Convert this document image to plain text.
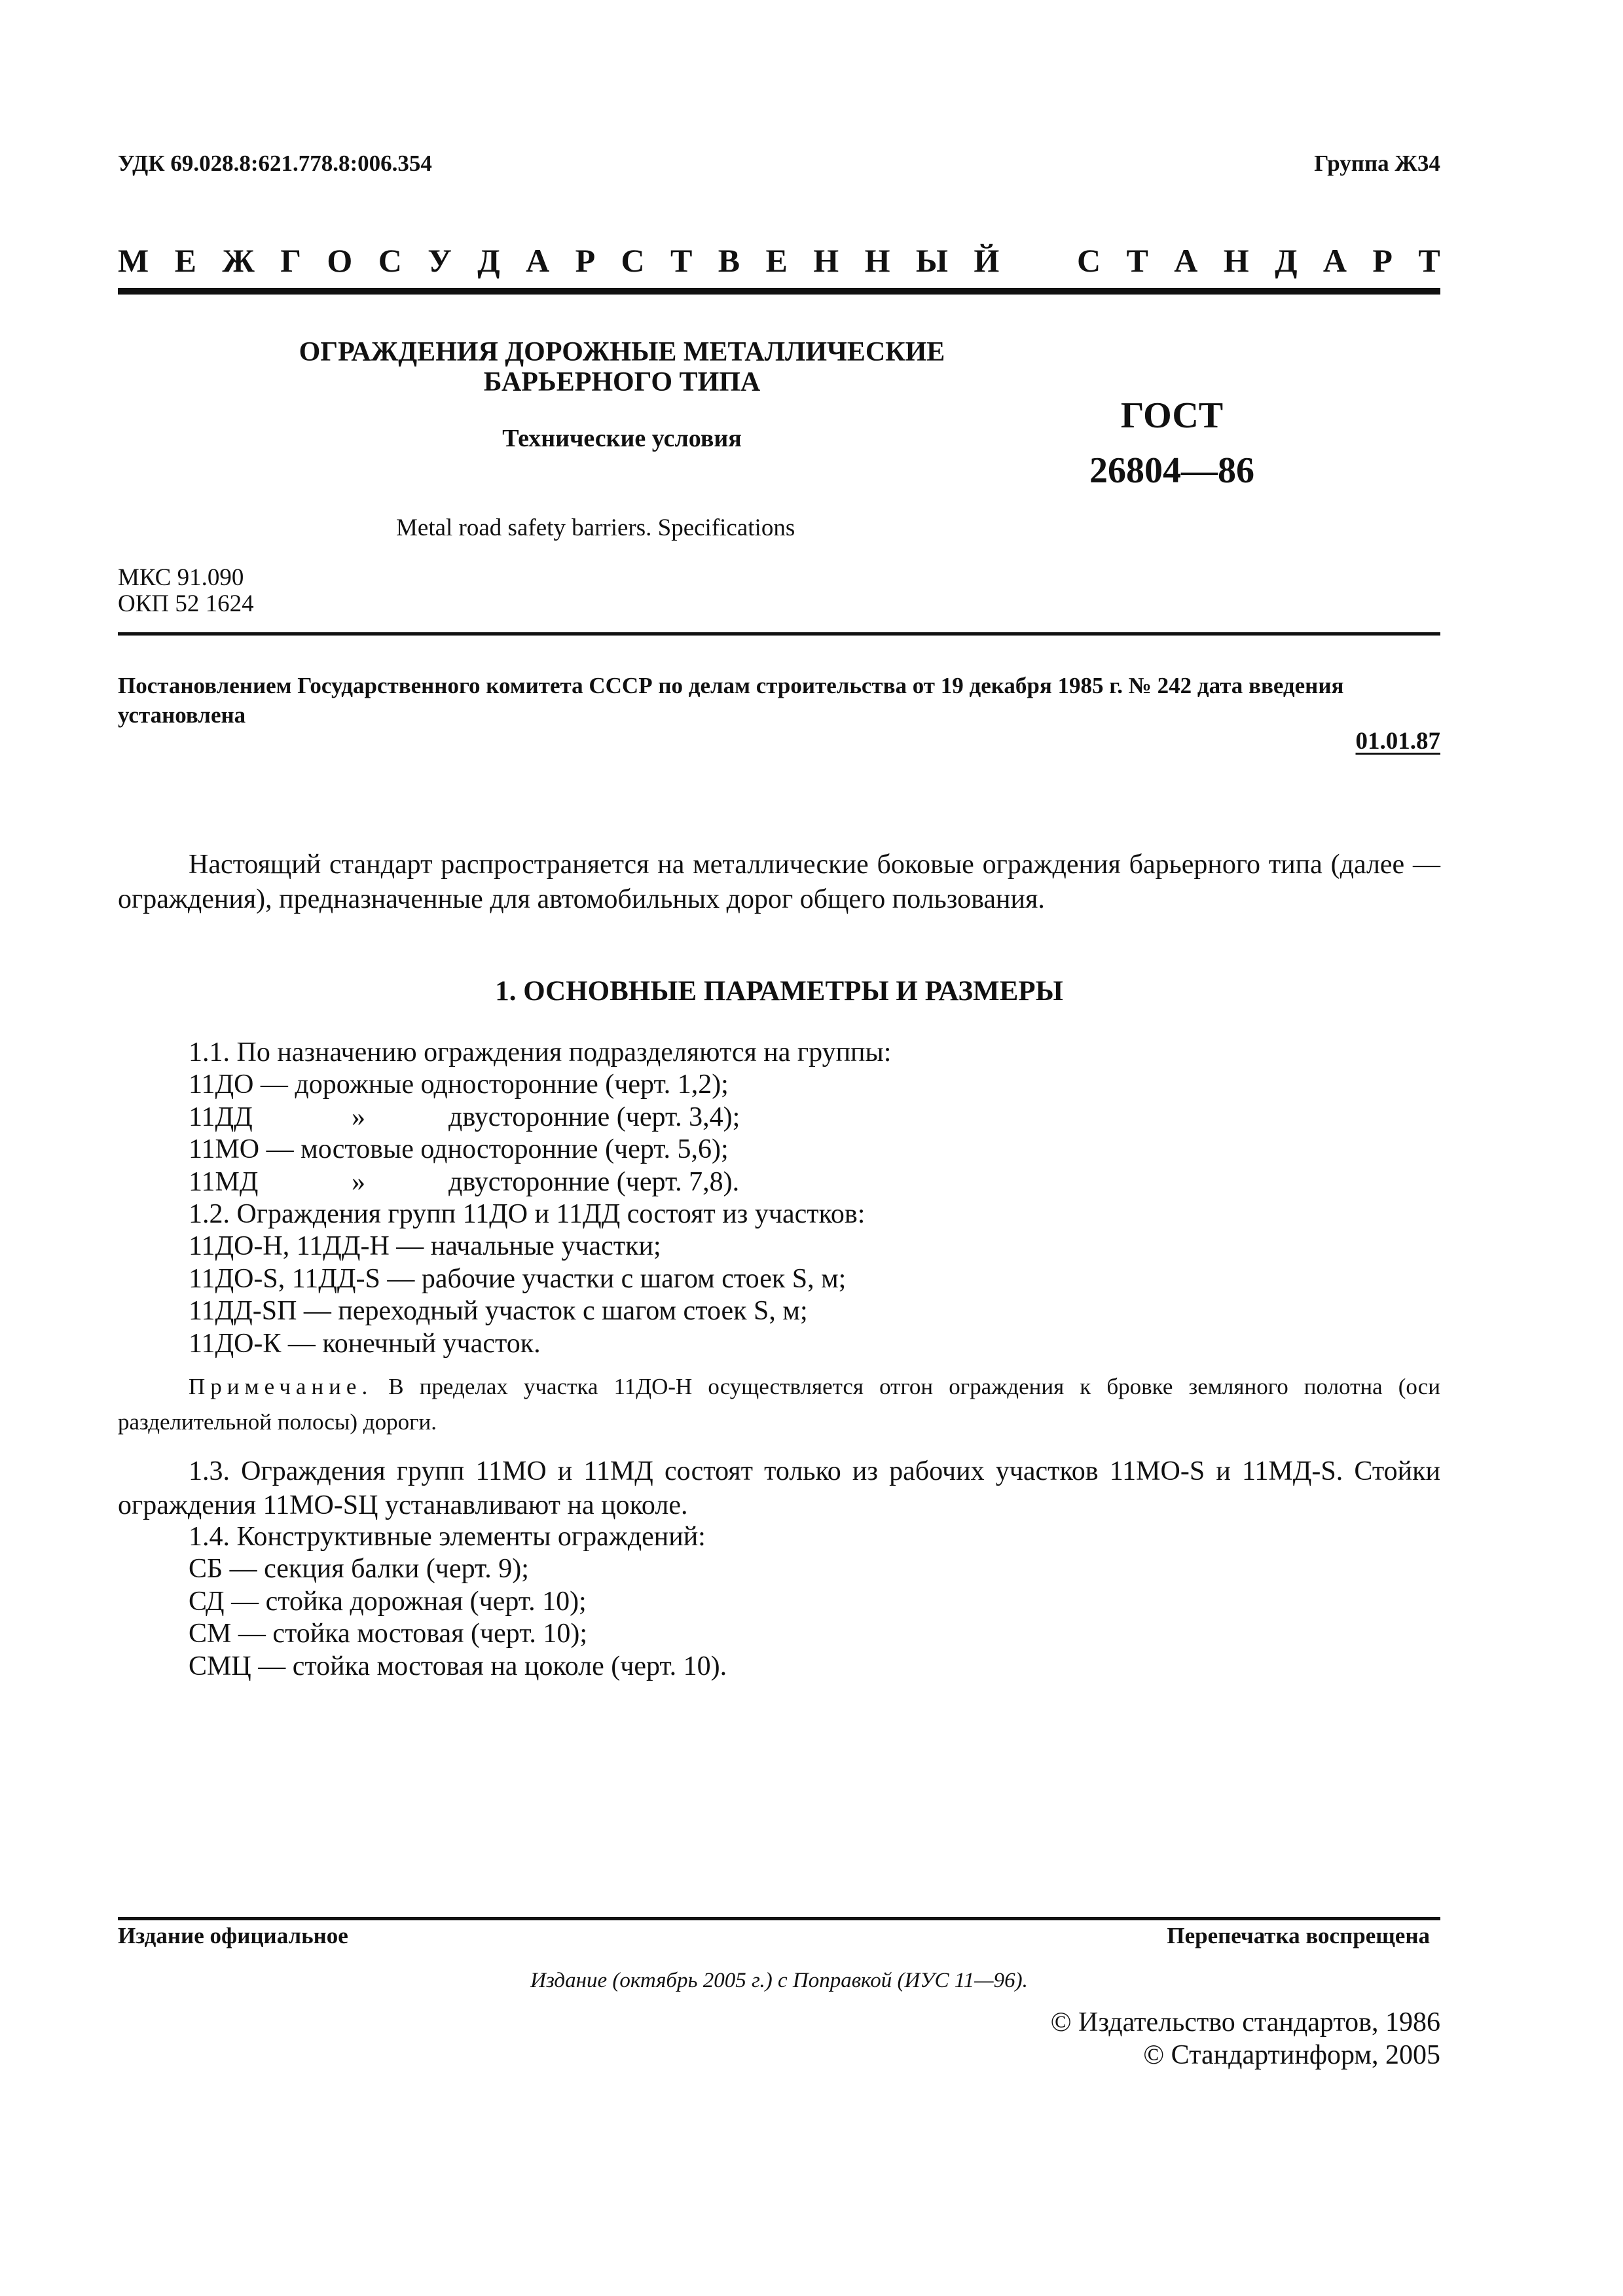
УДК 69.028.8:621.778.8:006.354	Группа Ж34
М Е Ж Г О С У Д А Р С Т В Е Н Н Ы Й С Т А Н Д А Р Т
ОГРАЖДЕНИЯ ДОРОЖНЫЕ МЕТАЛЛИЧЕСКИЕ
БАРЬЕРНОГО ТИПА
Технические условия
Metal road safety barriers. Specifications
ГОСТ
26804—86
МКС 91.090
ОКП 52 1624
Постановлением Государственного комитета СССР по делам строительства от 19 декабря 1985 г. № 242 дата введения установлена
01.01.87
Настоящий стандарт распространяется на металлические боковые ограждения барьерного типа (далее — ограждения), предназначенные для автомобильных дорог общего пользования.
1. ОСНОВНЫЕ ПАРАМЕТРЫ И РАЗМЕРЫ
1.1. По назначению ограждения подразделяются на группы:
11ДО — дорожные односторонние (черт. 1,2);
11ДД	»	двусторонние (черт. 3,4);
11МО — мостовые односторонние (черт. 5,6);
11МД	»	двусторонние (черт. 7,8).
1.2. Ограждения групп 11ДО и 11ДД состоят из участков:
11ДО-Н, 11ДД-Н — начальные участки;
11ДО-S, 11ДД-S — рабочие участки с шагом стоек S, м;
11ДД-SП — переходный участок с шагом стоек S, м;
11ДО-К — конечный участок.
Примечание. В пределах участка 11ДО-Н осуществляется отгон ограждения к бровке земляного полотна (оси разделительной полосы) дороги.
1.3. Ограждения групп 11МО и 11МД состоят только из рабочих участков 11МО-S и 11МД-S. Стойки ограждения 11МО-SЦ устанавливают на цоколе.
1.4. Конструктивные элементы ограждений:
СБ — секция балки (черт. 9);
СД — стойка дорожная (черт. 10);
СМ — стойка мостовая (черт. 10);
СМЦ — стойка мостовая на цоколе (черт. 10).
Издание официальное	Перепечатка воспрещена
Издание (октябрь 2005 г.) с Поправкой (ИУС 11—96).
© Издательство стандартов, 1986
© Стандартинформ, 2005
